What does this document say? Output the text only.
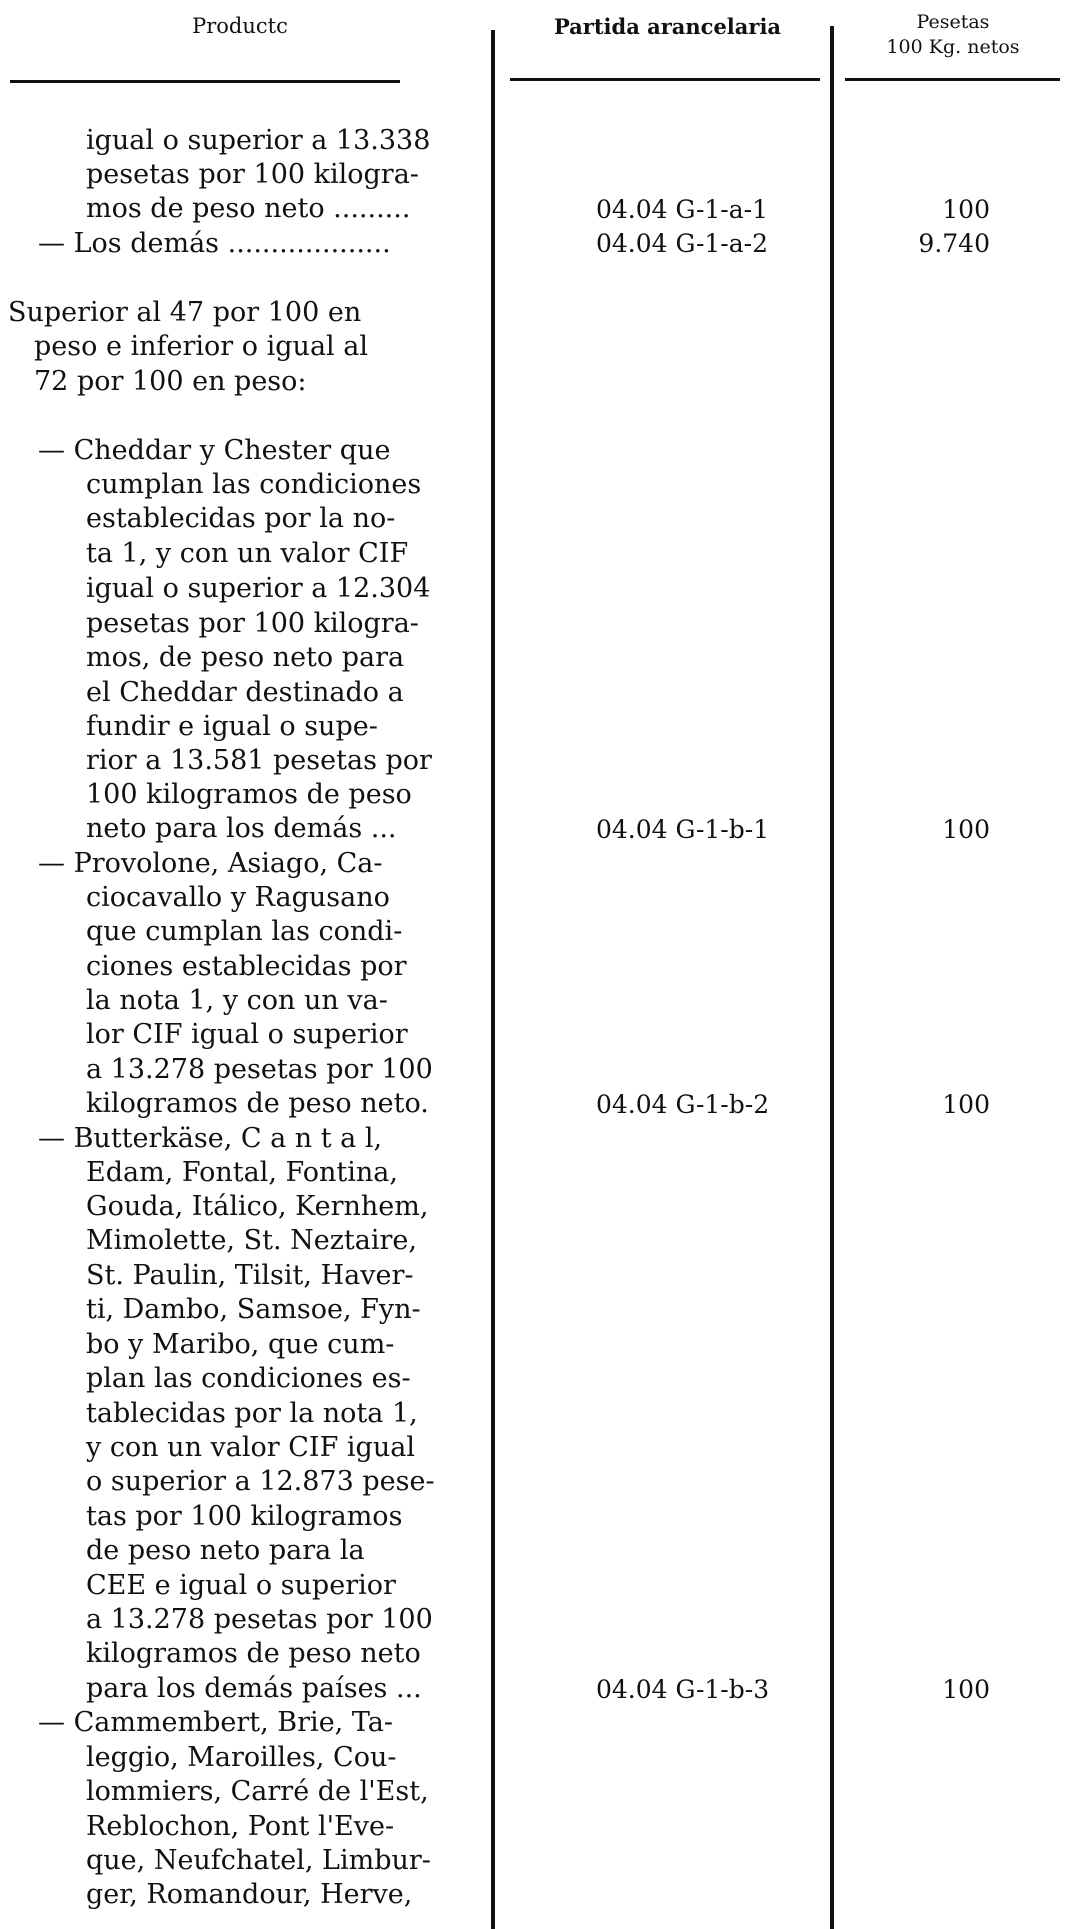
Productc	Partida arancelaria	Pesetas
100 Kg. netos
igual o superior a 13.338
pesetas por 100 kilogra-
mos de peso neto .........
— Los demás ...................
Superior al 47 por 100 en
peso e inferior o igual al
72 por 100 en peso:
— Cheddar y Chester que
cumplan las condiciones
establecidas por la no-
ta 1, y con un valor CIF
igual o superior a 12.304
pesetas por 100 kilogra-
mos, de peso neto para
el Cheddar destinado a
fundir e igual o supe-
rior a 13.581 pesetas por
100 kilogramos de peso
neto para los demás ...
— Provolone, Asiago, Ca-
ciocavallo y Ragusano
que cumplan las condi-
ciones establecidas por
la nota 1, y con un va-
lor CIF igual o superior
a 13.278 pesetas por 100
kilogramos de peso neto.
— Butterkäse, C a n t a l,
Edam, Fontal, Fontina,
Gouda, Itálico, Kernhem,
Mimolette, St. Neztaire,
St. Paulin, Tilsit, Haver-
ti, Dambo, Samsoe, Fyn-
bo y Maribo, que cum-
plan las condiciones es-
tablecidas por la nota 1,
y con un valor CIF igual
o superior a 12.873 pese-
tas por 100 kilogramos
de peso neto para la
CEE e igual o superior
a 13.278 pesetas por 100
kilogramos de peso neto
para los demás países ...
— Cammembert, Brie, Ta-
leggio, Maroilles, Cou-
lommiers, Carré de l'Est,
Reblochon, Pont l'Eve-
que, Neufchatel, Limbur-
ger, Romandour, Herve,
04.04 G-1-a-1
04.04 G-1-a-2
04.04 G-1-b-1
04.04 G-1-b-2
04.04 G-1-b-3
100
9.740
100
100
100
